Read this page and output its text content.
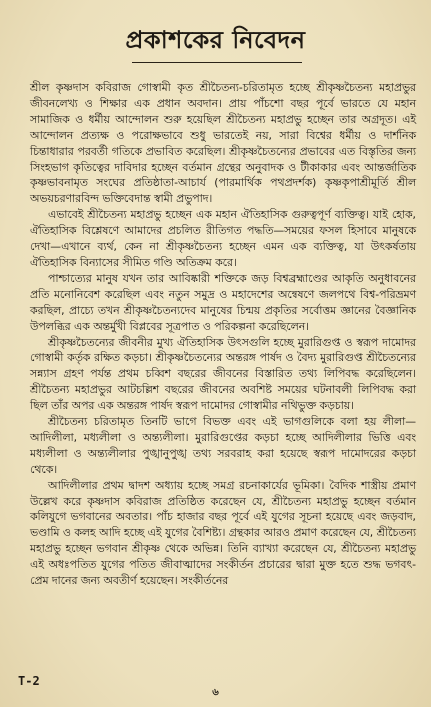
প্রকাশকের নিবেদন

শ্রীল কৃষ্ণদাস কবিরাজ গোস্বামী কৃত শ্রীচৈতন্য-চরিতামৃত হচ্ছে শ্রীকৃষ্ণচৈতন্য মহাপ্রভুর জীবনলেখ্য ও শিক্ষার এক প্রধান অবদান। প্রায় পাঁচশো বছর পূর্বে ভারতে যে মহান সামাজিক ও ধর্মীয় আন্দোলন শুরু হয়েছিল শ্রীচৈতন্য মহাপ্রভু হচ্ছেন তার অগ্রদূত। এই আন্দোলন প্রত্যক্ষ ও পরোক্ষভাবে শুধু ভারতেই নয়, সারা বিশ্বের ধর্মীয় ও দার্শনিক চিন্তাধারার পরবর্তী গতিকে প্রভাবিত করেছিল। শ্রীকৃষ্ণচৈতন্যের প্রভাবের এত বিস্তৃতির জন্য সিংহভাগ কৃতিত্বের দাবিদার হচ্ছেন বর্তমান গ্রন্থের অনুবাদক ও টীকাকার এবং আন্তর্জাতিক কৃষ্ণভাবনামৃত সংঘের প্রতিষ্ঠাতা-আচার্য (পারমার্থিক পথপ্রদর্শক) কৃষ্ণকৃপাশ্রীমূর্তি শ্রীল অভয়চরণারবিন্দ ভক্তিবেদান্ত স্বামী প্রভুপাদ।

এভাবেই শ্রীচৈতন্য মহাপ্রভু হচ্ছেন এক মহান ঐতিহাসিক গুরুত্বপূর্ণ ব্যক্তিত্ব। যাই হোক, ঐতিহাসিক বিশ্লেষণে আমাদের প্রচলিত রীতিগত পদ্ধতি—সময়ের ফসল হিসাবে মানুষকে দেখা—এখানে ব্যর্থ, কেন না শ্রীকৃষ্ণচৈতন্য হচ্ছেন এমন এক ব্যক্তিত্ব, যা উৎকর্ষতায় ঐতিহাসিক বিন্যাসের সীমিত গণ্ডি অতিক্রম করে।

পাশ্চাত্যের মানুষ যখন তার আবিষ্কারী শক্তিকে জড় বিশ্বব্রহ্মাণ্ডের আকৃতি অনুধাবনের প্রতি মনোনিবেশ করেছিল এবং নতুন সমুদ্র ও মহাদেশের অন্বেষণে জলপথে বিশ্ব-পরিভ্রমণ করছিল, প্রাচ্যে তখন শ্রীকৃষ্ণচৈতন্যদেব মানুষের চিন্ময় প্রকৃতির সর্বোত্তম জ্ঞানের বৈজ্ঞানিক উপলব্ধির এক অন্তর্মুখী বিপ্লবের সূত্রপাত ও পরিকল্পনা করেছিলেন।

শ্রীকৃষ্ণচৈতন্যের জীবনীর মুখ্য ঐতিহাসিক উৎসগুলি হচ্ছে মুরারিগুপ্ত ও স্বরূপ দামোদর গোস্বামী কর্তৃক রক্ষিত কড়চা। শ্রীকৃষ্ণচৈতন্যের অন্তরঙ্গ পার্ষদ ও বৈদ্য মুরারিগুপ্ত শ্রীচৈতন্যের সন্ন্যাস গ্রহণ পর্যন্ত প্রথম চব্বিশ বছরের জীবনের বিস্তারিত তথ্য লিপিবদ্ধ করেছিলেন। শ্রীচৈতন্য মহাপ্রভুর আটচল্লিশ বছরের জীবনের অবশিষ্ট সময়ের ঘটনাবলী লিপিবদ্ধ করা ছিল তাঁর অপর এক অন্তরঙ্গ পার্ষদ স্বরূপ দামোদর গোস্বামীর নথিভুক্ত কড়চায়।

শ্রীচৈতন্য চরিতামৃত তিনটি ভাগে বিভক্ত এবং এই ভাগগুলিকে বলা হয় লীলা—আদিলীলা, মধ্যলীলা ও অন্ত্যলীলা। মুরারিগুপ্তের কড়চা হচ্ছে আদিলীলার ভিত্তি এবং মধ্যলীলা ও অন্ত্যলীলার পুঙ্খানুপুঙ্খ তথ্য সরবরাহ করা হয়েছে স্বরূপ দামোদরের কড়চা থেকে।

আদিলীলার প্রথম দ্বাদশ অধ্যায় হচ্ছে সমগ্র রচনাকার্যের ভূমিকা। বৈদিক শাস্ত্রীয় প্রমাণ উল্লেখ করে কৃষ্ণদাস কবিরাজ প্রতিষ্ঠিত করেছেন যে, শ্রীচৈতন্য মহাপ্রভু হচ্ছেন বর্তমান কলিযুগে ভগবানের অবতার। পাঁচ হাজার বছর পূর্বে এই যুগের সূচনা হয়েছে এবং জড়বাদ, ভণ্ডামি ও কলহ আদি হচ্ছে এই যুগের বৈশিষ্ট্য। গ্রন্থকার আরও প্রমাণ করেছেন যে, শ্রীচৈতন্য মহাপ্রভু হচ্ছেন ভগবান শ্রীকৃষ্ণ থেকে অভিন্ন। তিনি ব্যাখ্যা করেছেন যে, শ্রীচৈতন্য মহাপ্রভু এই অধঃপতিত যুগের পতিত জীবাত্মাদের সংকীর্তন প্রচারের দ্বারা মুক্ত হতে শুদ্ধ ভগবৎ-প্রেম দানের জন্য অবতীর্ণ হয়েছেন। সংকীর্তনের

T-2
৬
